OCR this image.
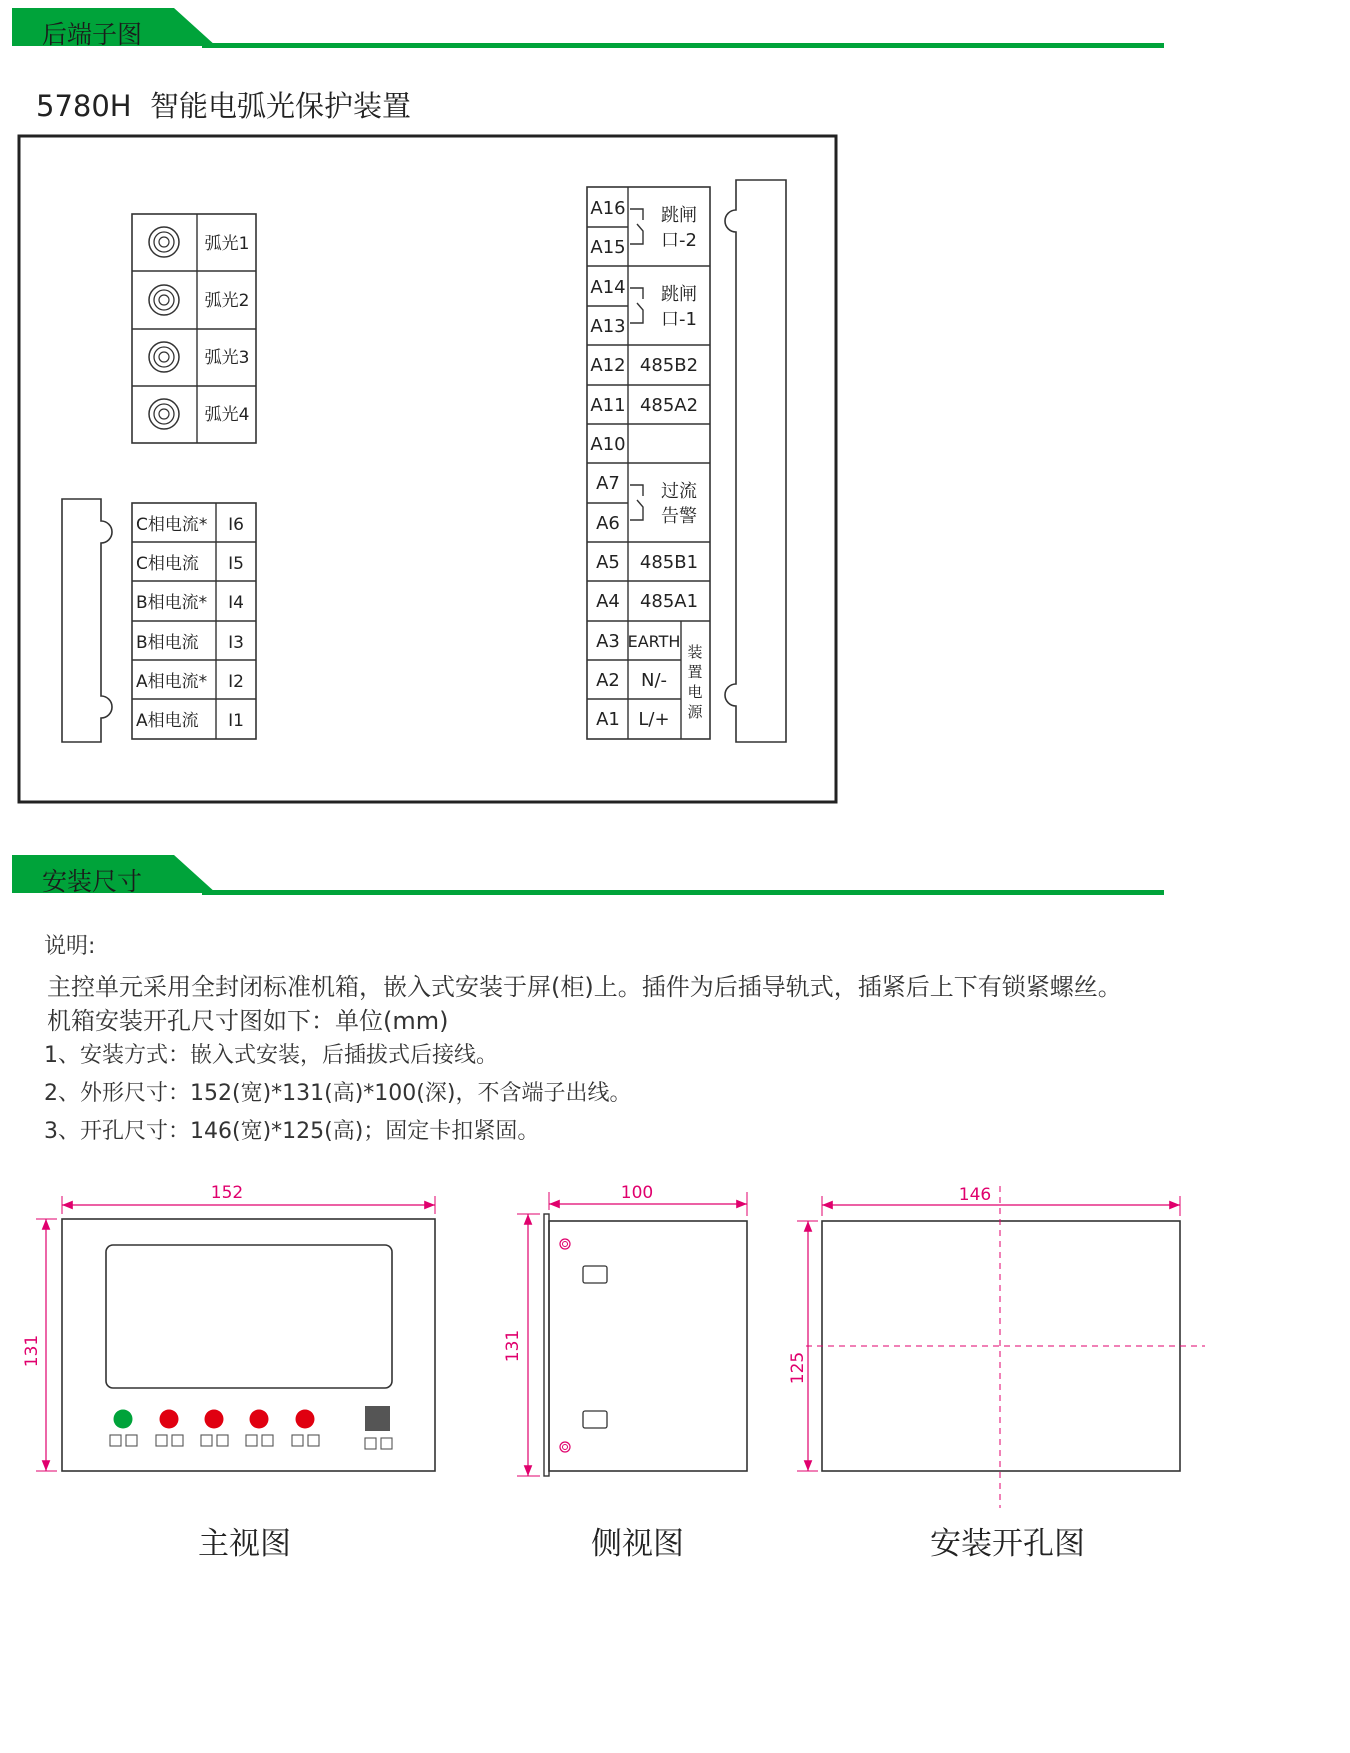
后端子图
5780H  智能电弧光保护装置
弧光1
弧光2
弧光3
弧光4
C相电流*
C相电流
B相电流*
B相电流
A相电流*
A相电流
I6
I5
I4
I3
I2
I1
A16
A15
A14
A13
A12
A11
A10
A7
A6
A5
A4
A3
A2
A1
485B2
485A2
485B1
485A1
EARTH
跳闸
口-2
跳闸
口-1
过流
告警
N/-
L/+
装
置
电
源
安装尺寸
说明:
主控单元采用全封闭标准机箱，嵌入式安装于屏(柜)上。插件为后插导轨式，插紧后上下有锁紧螺丝。
机箱安装开孔尺寸图如下：单位(mm)
1、安装方式：嵌入式安装，后插拔式后接线。
2、外形尺寸：152(宽)*131(高)*100(深)，不含端子出线。
3、开孔尺寸：146(宽)*125(高)；固定卡扣紧固。
152
131
100
131
146
125
主视图	侧视图	安装开孔图
